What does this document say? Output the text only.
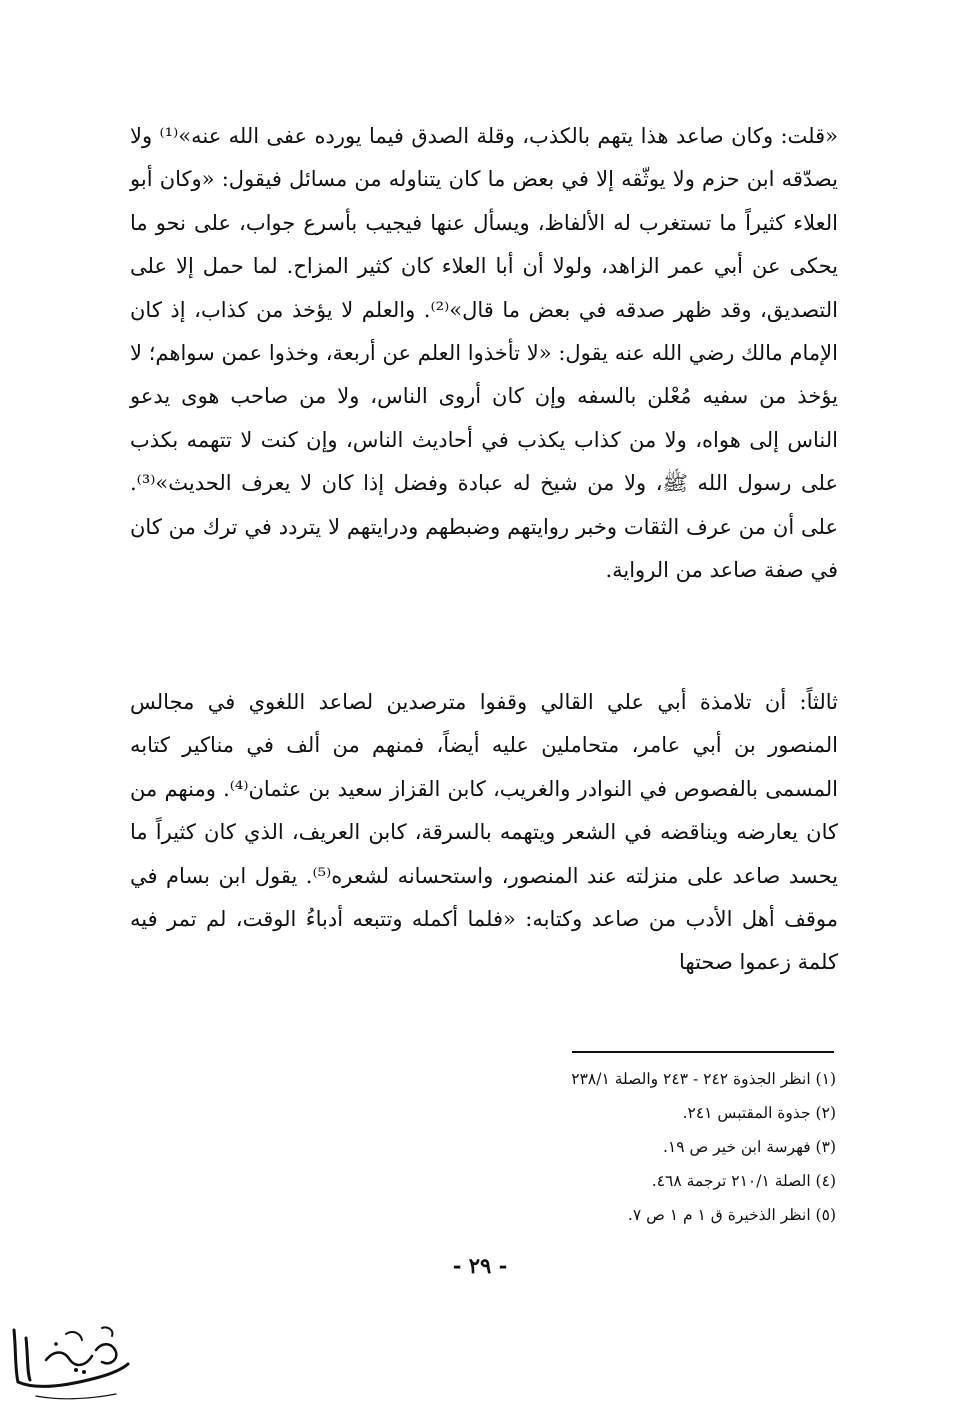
«قلت: وكان صاعد هذا يتهم بالكذب، وقلة الصدق فيما يورده عفى الله عنه»⁽¹⁾ ولا يصدّقه ابن حزم ولا يوثّقه إلا في بعض ما كان يتناوله من مسائل فيقول: «وكان أبو العلاء كثيراً ما تستغرب له الألفاظ، ويسأل عنها فيجيب بأسرع جواب، على نحو ما يحكى عن أبي عمر الزاهد، ولولا أن أبا العلاء كان كثير المزاح. لما حمل إلا على التصديق، وقد ظهر صدقه في بعض ما قال»⁽²⁾. والعلم لا يؤخذ من كذاب، إذ كان الإمام مالك رضي الله عنه يقول: «لا تأخذوا العلم عن أربعة، وخذوا عمن سواهم؛ لا يؤخذ من سفيه مُعْلن بالسفه وإن كان أروى الناس، ولا من صاحب هوى يدعو الناس إلى هواه، ولا من كذاب يكذب في أحاديث الناس، وإن كنت لا تتهمه بكذب على رسول الله ﷺ، ولا من شيخ له عبادة وفضل إذا كان لا يعرف الحديث»⁽³⁾. على أن من عرف الثقات وخبر روايتهم وضبطهم ودرايتهم لا يتردد في ترك من كان في صفة صاعد من الرواية.

ثالثاً: أن تلامذة أبي علي القالي وقفوا مترصدين لصاعد اللغوي في مجالس المنصور بن أبي عامر، متحاملين عليه أيضاً، فمنهم من ألف في مناكير كتابه المسمى بالفصوص في النوادر والغريب، كابن القزاز سعيد بن عثمان⁽⁴⁾. ومنهم من كان يعارضه ويناقضه في الشعر ويتهمه بالسرقة، كابن العريف، الذي كان كثيراً ما يحسد صاعد على منزلته عند المنصور، واستحسانه لشعره⁽⁵⁾. يقول ابن بسام في موقف أهل الأدب من صاعد وكتابه: «فلما أكمله وتتبعه أدباءُ الوقت، لم تمر فيه كلمة زعموا صحتها

(١) انظر الجذوة ٢٤٢ - ٢٤٣ والصلة ٢٣٨/١
(٢) جذوة المقتبس ٢٤١.
(٣) فهرسة ابن خير ص ١٩.
(٤) الصلة ٢١٠/١ ترجمة ٤٦٨.
(٥) انظر الذخيرة ق ١ م ١ ص ٧.
- ٢٩ -
